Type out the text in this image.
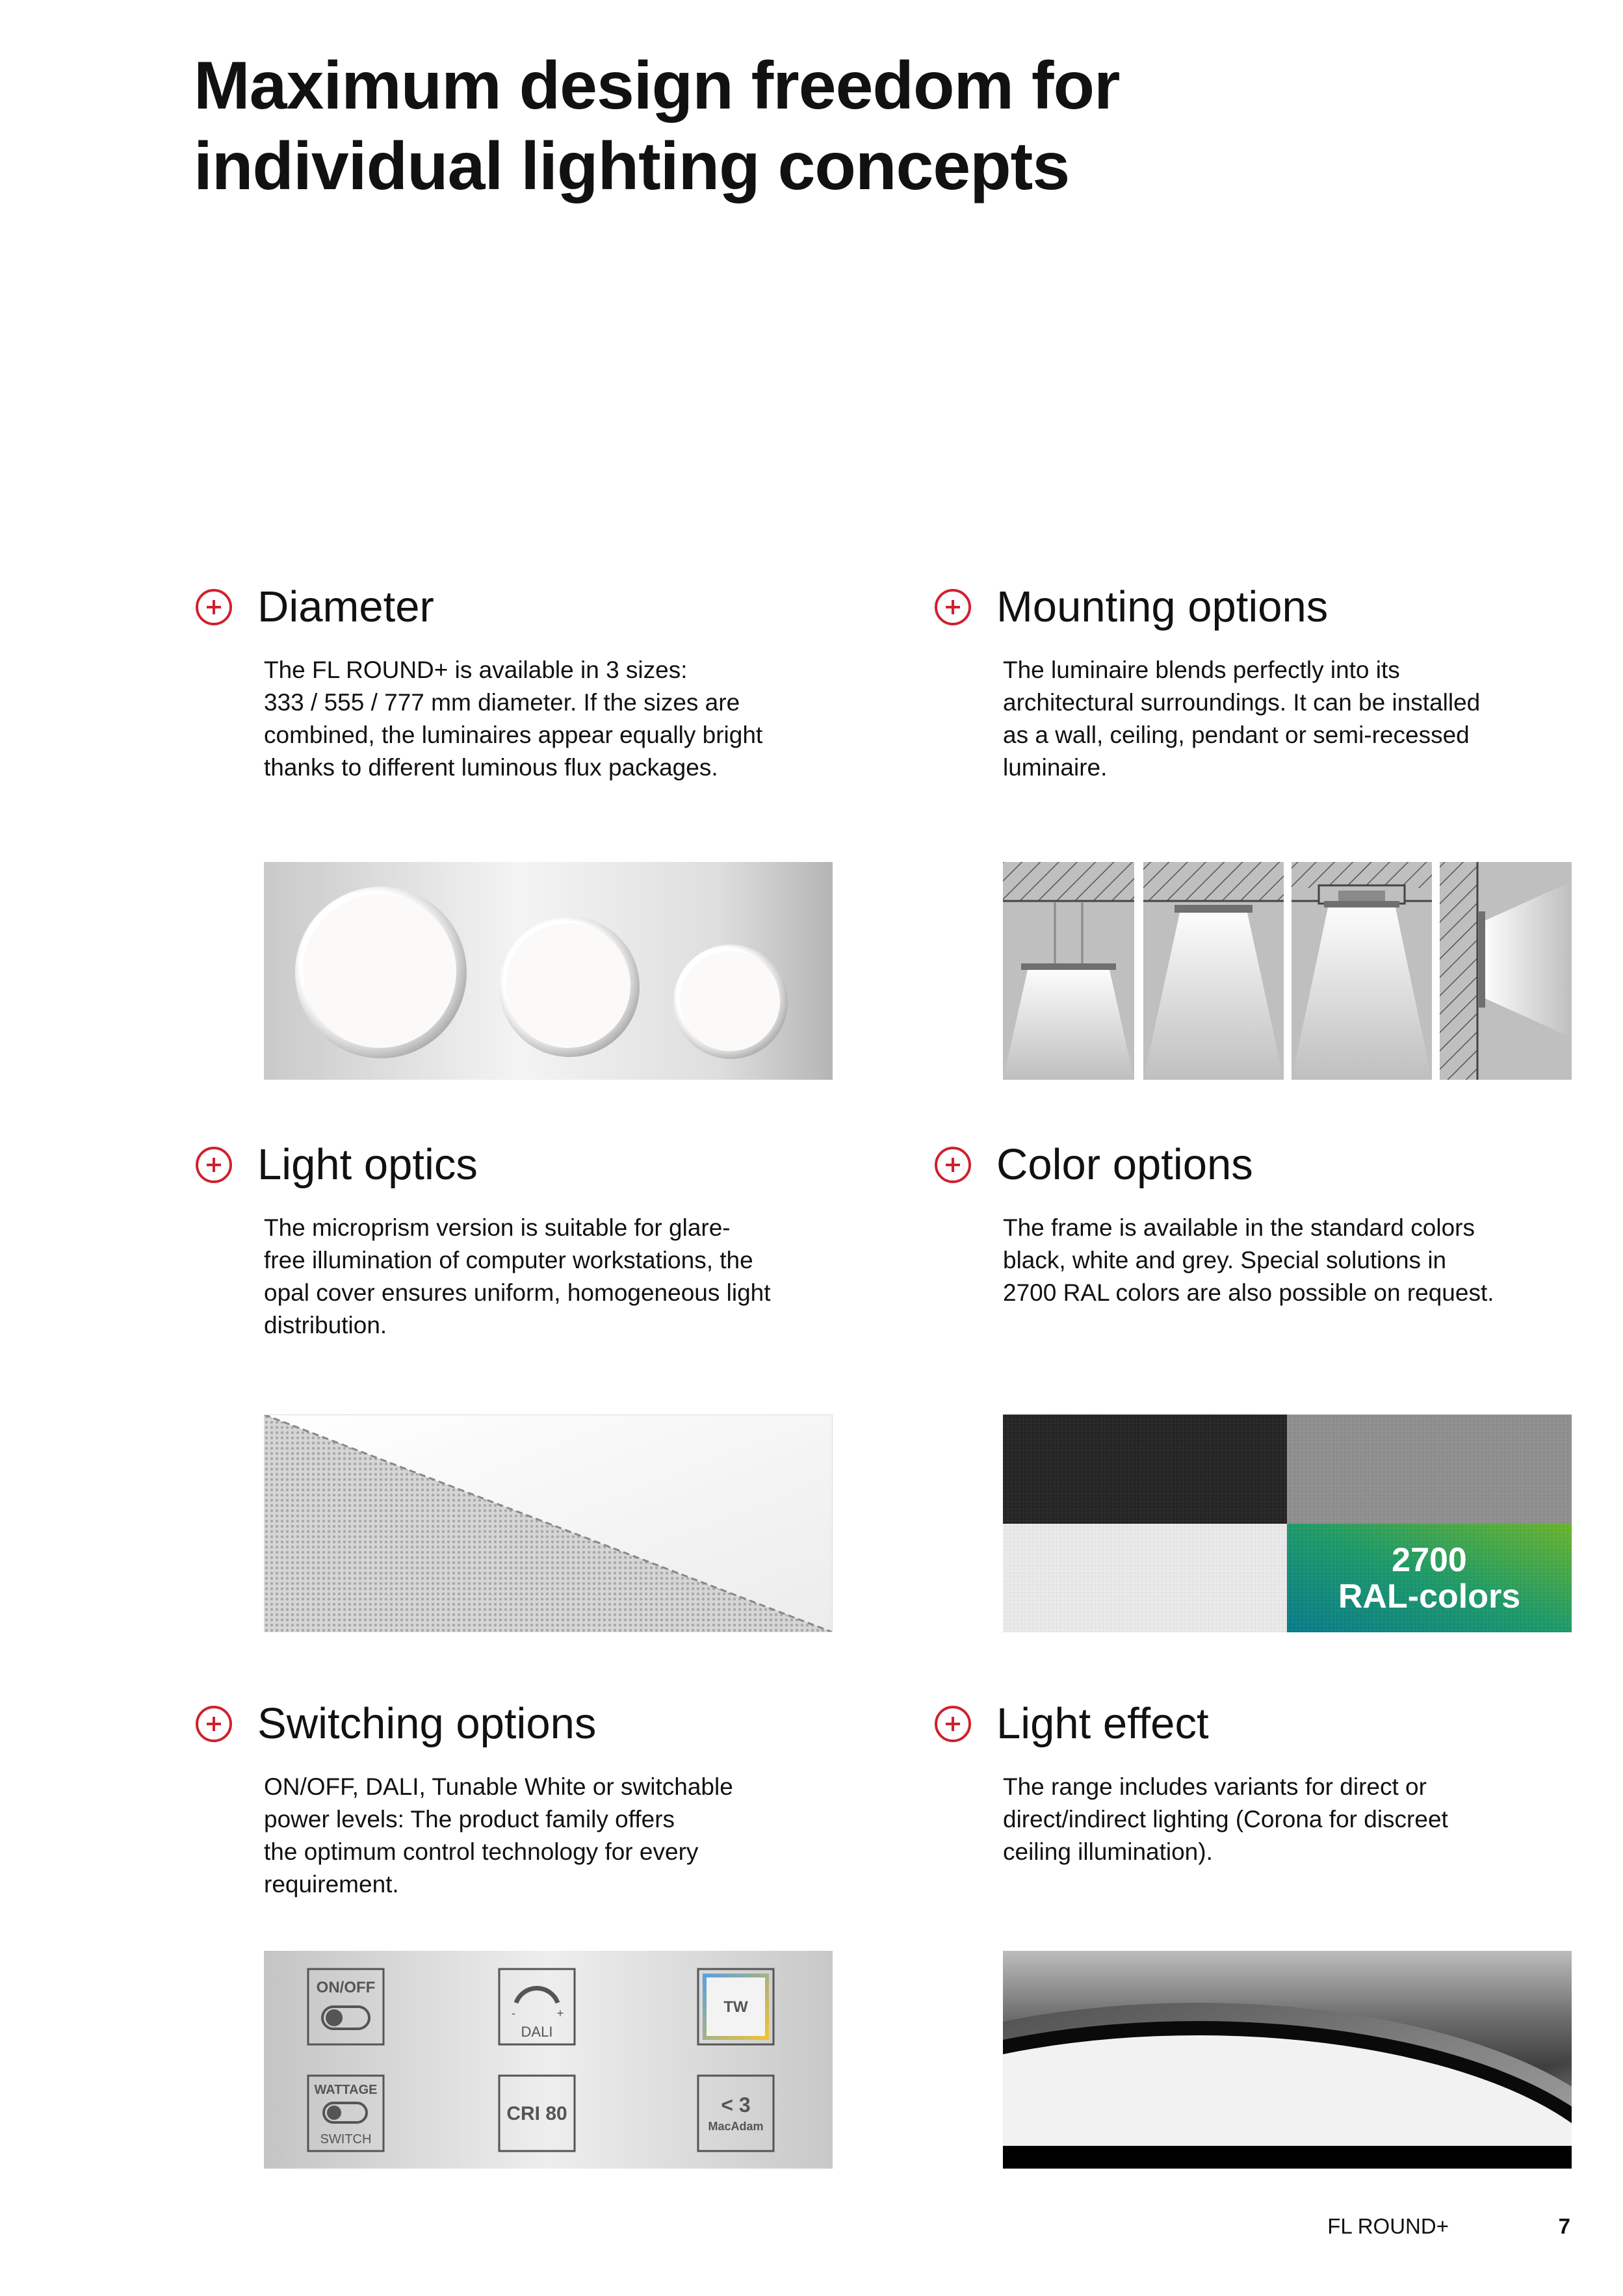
Maximum design freedom for
individual lighting concepts
Diameter

The FL ROUND+ is available in 3 sizes:
333 / 555 / 777 mm diameter. If the sizes are
combined, the luminaires appear equally bright
thanks to different luminous flux packages.

Mounting options

The luminaire blends perfectly into its
architectural surroundings. It can be installed
as a wall, ceiling, pendant or semi-recessed
luminaire.

Light optics

The microprism version is suitable for glare-
free illumination of computer workstations, the
opal cover ensures uniform, homogeneous light
distribution.

Color options

The frame is available in the standard colors
black, white and grey. Special solutions in
2700 RAL colors are also possible on request.

2700
RAL-colors
Switching options

ON/OFF, DALI, Tunable White or switchable
power levels: The product family offers
the optimum control technology for every
requirement.

ON/OFF
-	+
DALI
TW
WATTAGE
SWITCH
CRI 80	< 3
MacAdam
Light effect

The range includes variants for direct or
direct/indirect lighting (Corona for discreet
ceiling illumination).

FL ROUND+	7
